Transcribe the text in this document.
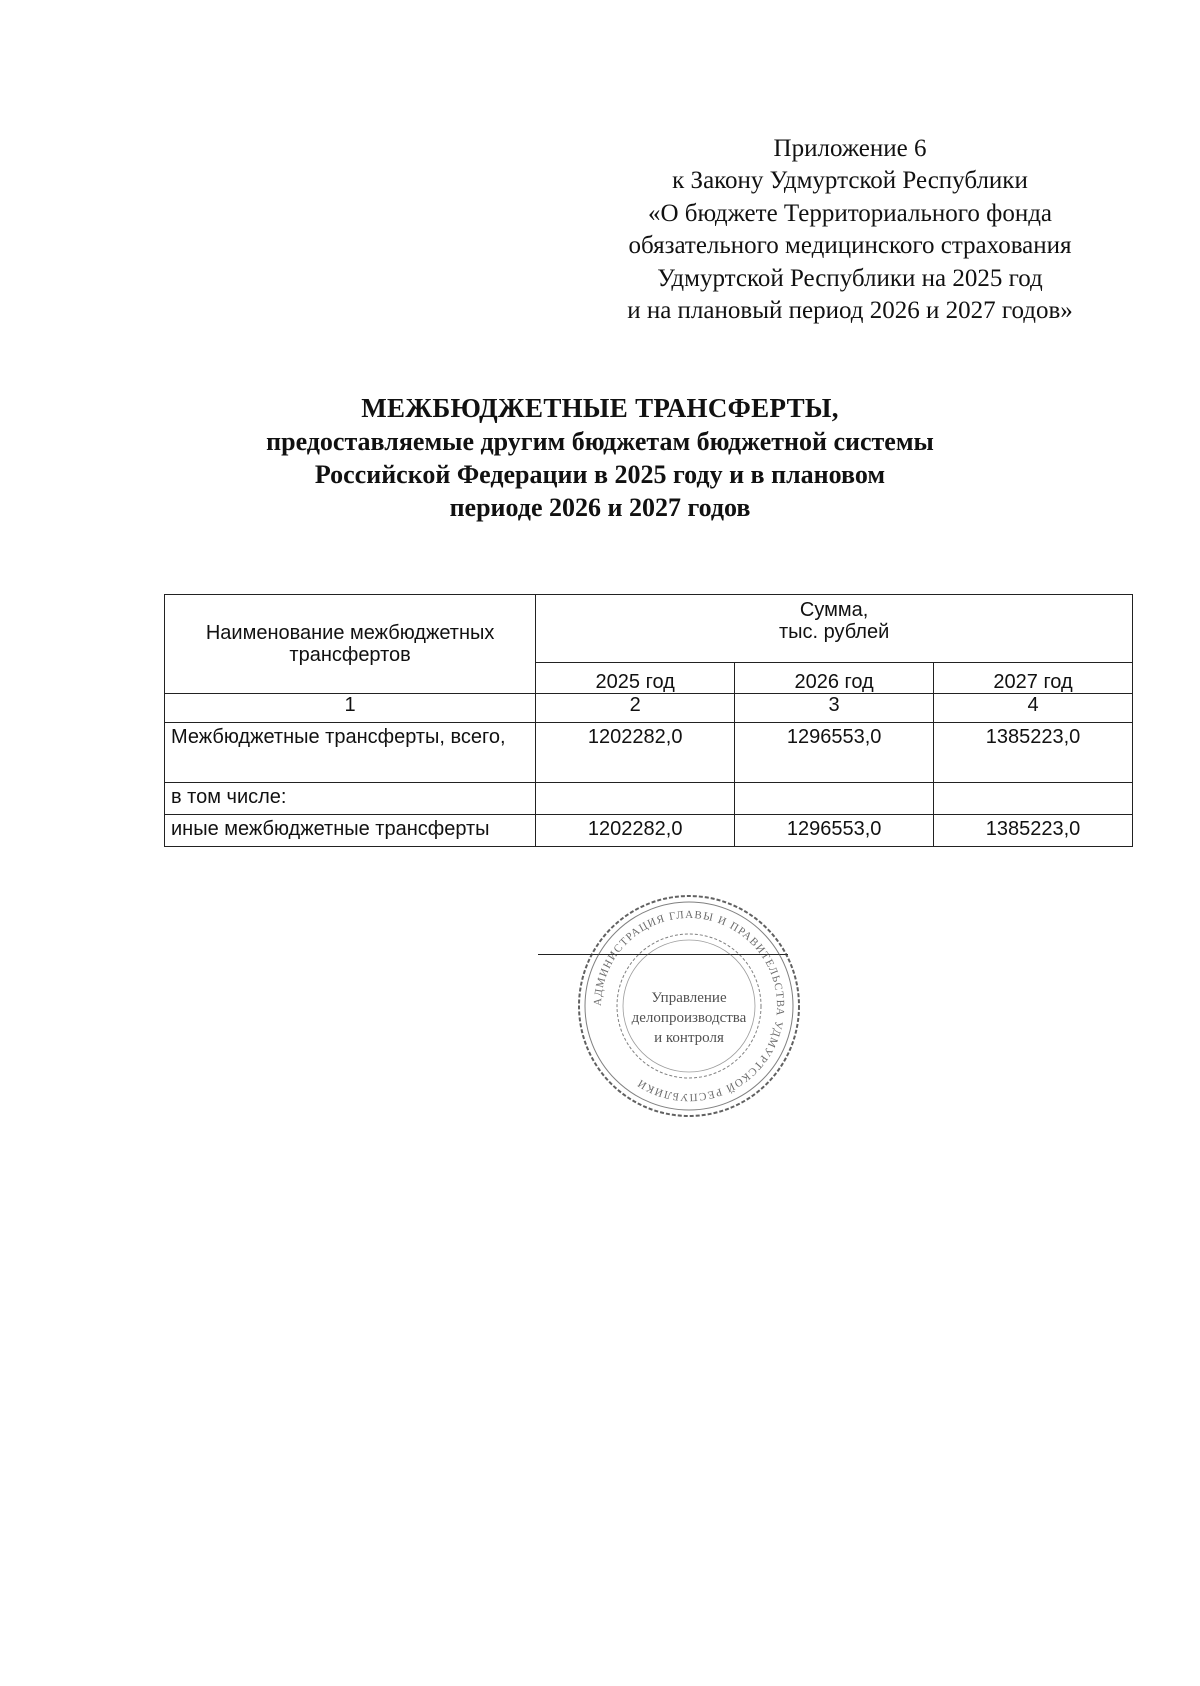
Приложение 6
к Закону Удмуртской Республики
«О бюджете Территориального фонда
обязательного медицинского страхования
Удмуртской Республики на 2025 год
и на плановый период 2026 и 2027 годов»
МЕЖБЮДЖЕТНЫЕ ТРАНСФЕРТЫ,
предоставляемые другим бюджетам бюджетной системы
Российской Федерации в 2025 году и в плановом
периоде 2026 и 2027 годов
Наименование межбюджетных трансфертов	Сумма,
тыс. рублей		

	2025 год	2026 год	2027 год
1	2	3	4
Межбюджетные трансферты, всего,	1202282,0	1296553,0	1385223,0
в том числе:			
иные межбюджетные трансферты	1202282,0	1296553,0	1385223,0
АДМИНИСТРАЦИЯ ГЛАВЫ И ПРАВИТЕЛЬСТВА УДМУРТСКОЙ РЕСПУБЛИКИ
Управление
делопроизводства
и контроля
